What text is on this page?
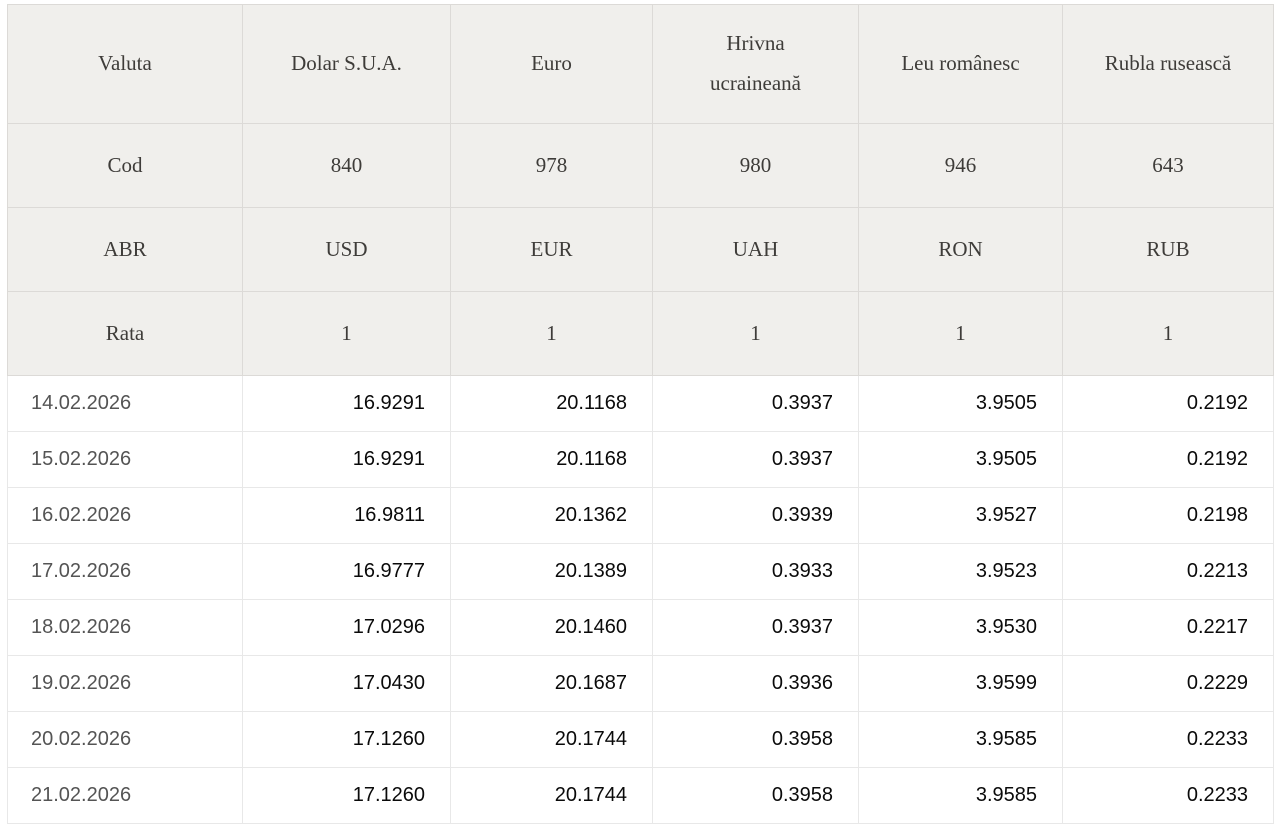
Valuta	Dolar S.U.A.	Euro	Hrivna ucraineană	Leu românesc	Rubla rusească
Cod	840	978	980	946	643
ABR	USD	EUR	UAH	RON	RUB
Rata	1	1	1	1	1
14.02.2026	16.9291	20.1168	0.3937	3.9505	0.2192
15.02.2026	16.9291	20.1168	0.3937	3.9505	0.2192
16.02.2026	16.9811	20.1362	0.3939	3.9527	0.2198
17.02.2026	16.9777	20.1389	0.3933	3.9523	0.2213
18.02.2026	17.0296	20.1460	0.3937	3.9530	0.2217
19.02.2026	17.0430	20.1687	0.3936	3.9599	0.2229
20.02.2026	17.1260	20.1744	0.3958	3.9585	0.2233
21.02.2026	17.1260	20.1744	0.3958	3.9585	0.2233
